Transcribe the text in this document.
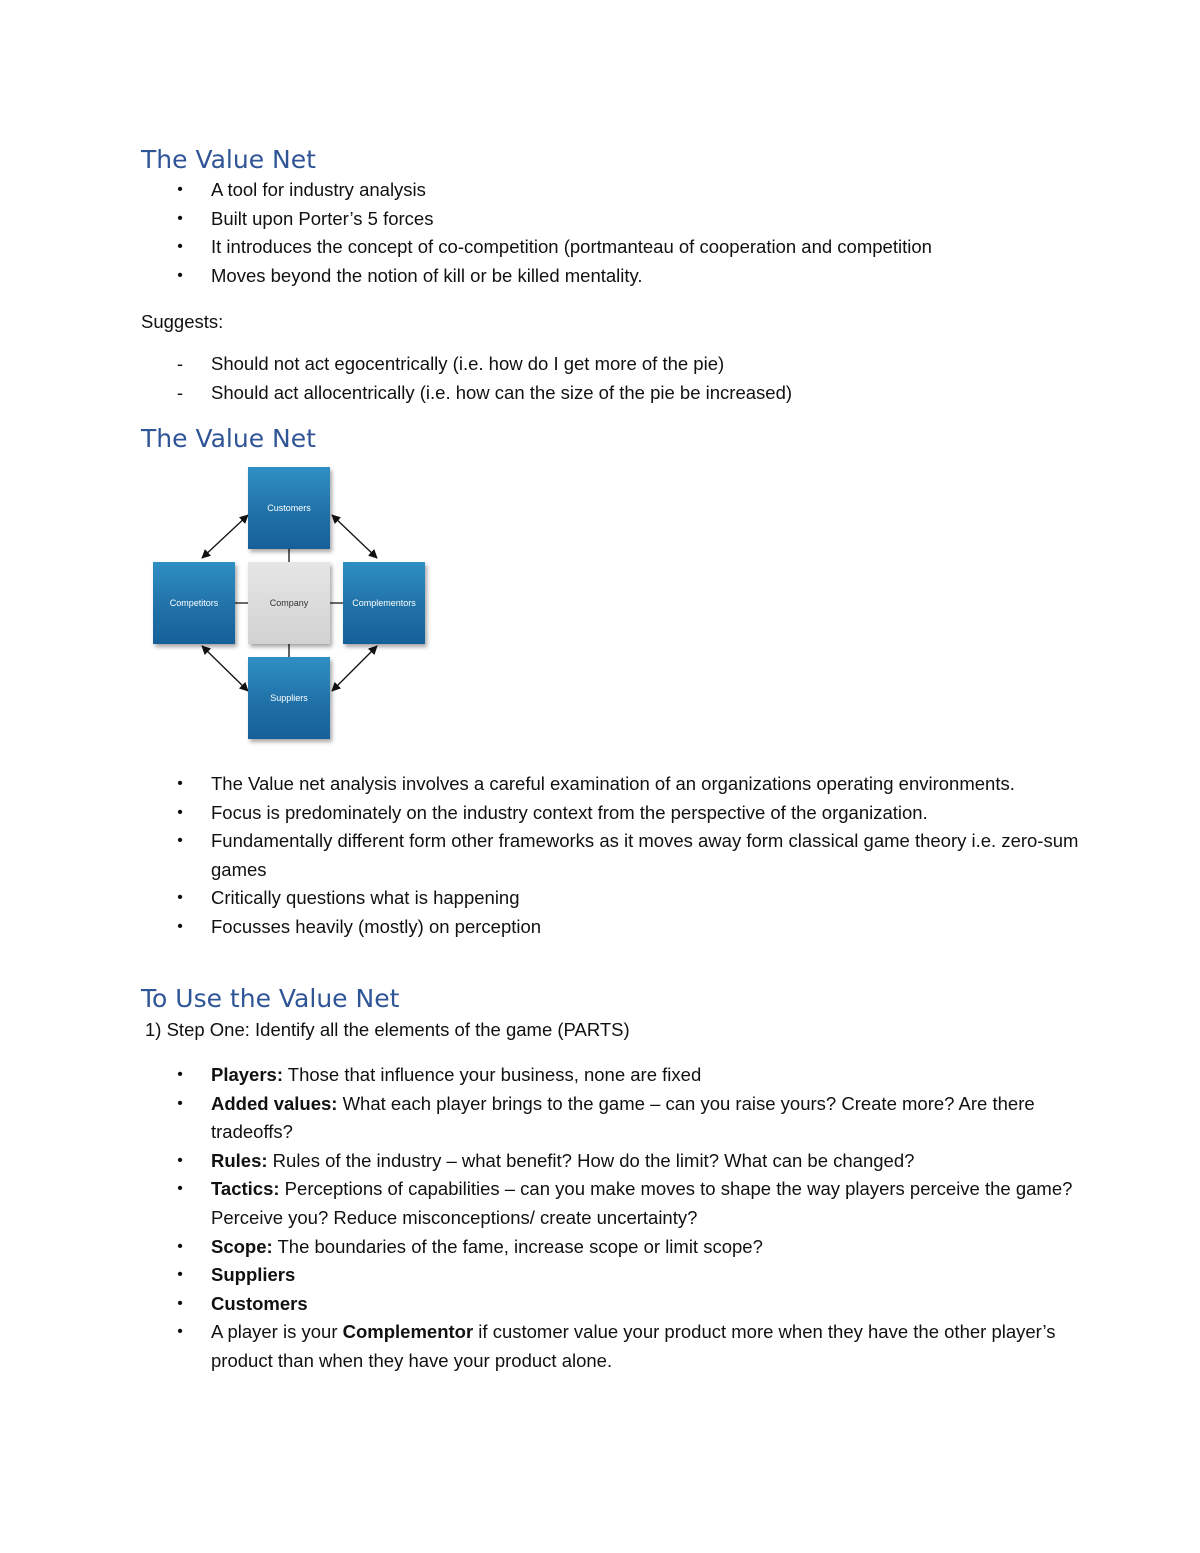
The Value Net
• A tool for industry analysis
• Built upon Porter’s 5 forces
• It introduces the concept of co-competition (portmanteau of cooperation and competition
• Moves beyond the notion of kill or be killed mentality.

Suggests:

- Should not act egocentrically (i.e. how do I get more of the pie)
- Should act allocentrically (i.e. how can the size of the pie be increased)
The Value Net
Customers
Competitors	Company	Complementors
Suppliers
• The Value net analysis involves a careful examination of an organizations operating environments.
• Focus is predominately on the industry context from the perspective of the organization.
• Fundamentally different form other frameworks as it moves away form classical game theory i.e. zero-sum games
• Critically questions what is happening
• Focusses heavily (mostly) on perception
To Use the Value Net

1) Step One: Identify all the elements of the game (PARTS)

• Players: Those that influence your business, none are fixed
• Added values: What each player brings to the game – can you raise yours? Create more? Are there tradeoffs?
• Rules: Rules of the industry – what benefit? How do the limit? What can be changed?
• Tactics: Perceptions of capabilities – can you make moves to shape the way players perceive the game? Perceive you? Reduce misconceptions/ create uncertainty?
• Scope: The boundaries of the fame, increase scope or limit scope?
• Suppliers
• Customers
• A player is your Complementor if customer value your product more when they have the other player’s product than when they have your product alone.
